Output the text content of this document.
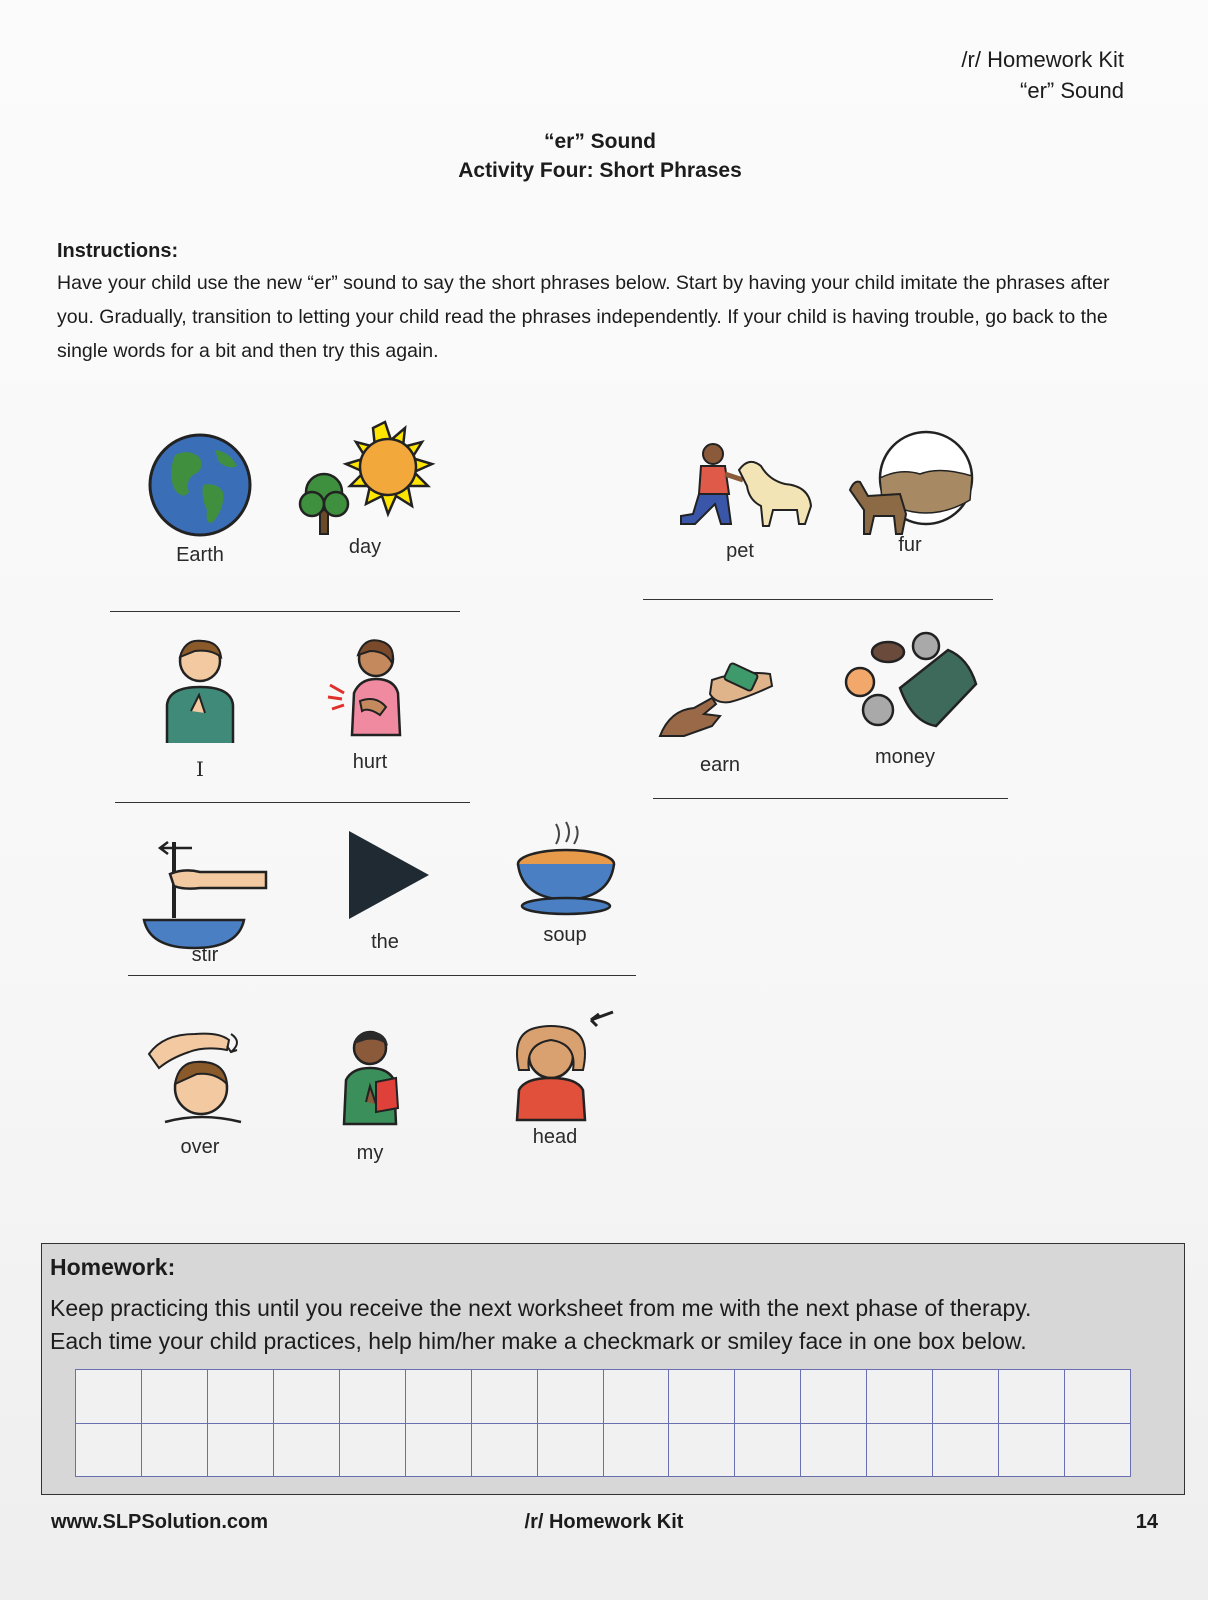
/r/ Homework Kit
“er” Sound
“er” Sound
Activity Four: Short Phrases
Instructions:
Have your child use the new “er” sound to say the short phrases below. Start by having your child imitate the phrases after you. Gradually, transition to letting your child read the phrases independently. If your child is having trouble, go back to the single words for a bit and then try this again.
Earth	day	pet	fur
I	hurt	earn	money
stir
the	soup
over	my
head
Homework:
Keep practicing this until you receive the next worksheet from me with the next phase of therapy.
Each time your child practices, help him/her make a checkmark or smiley face in one box below.

www.SLPSolution.com	/r/ Homework Kit	14
